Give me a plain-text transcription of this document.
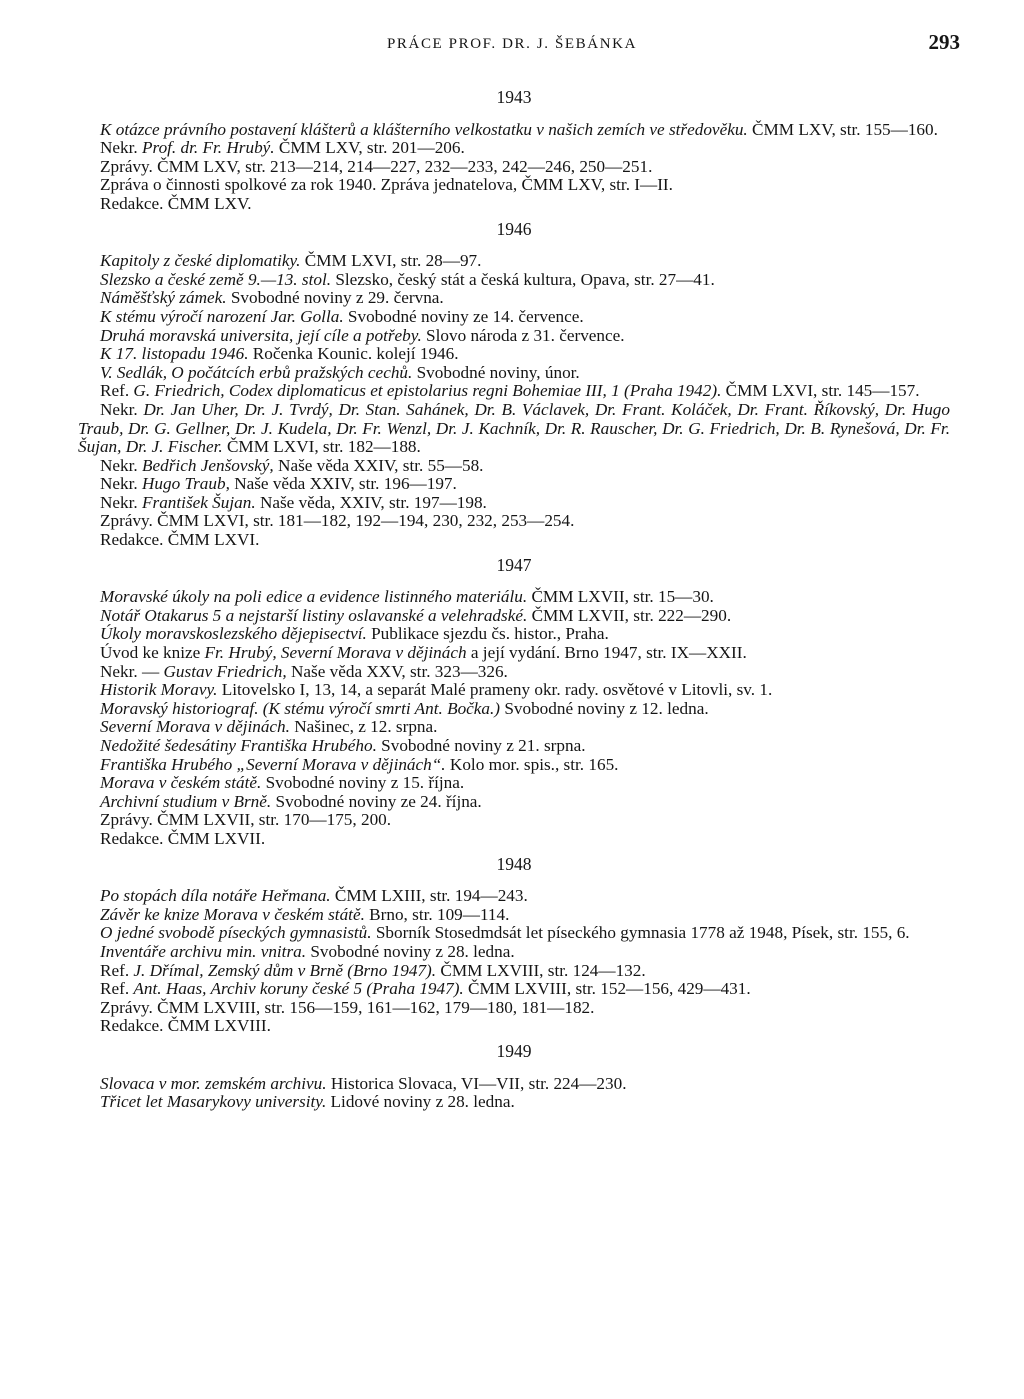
PRÁCE PROF. DR. J. ŠEBÁNKA	293
1943
K otázce právního postavení klášterů a klášterního velkostatku v našich zemích ve středověku. ČMM LXV, str. 155—160.
Nekr. Prof. dr. Fr. Hrubý. ČMM LXV, str. 201—206.
Zprávy. ČMM LXV, str. 213—214, 214—227, 232—233, 242—246, 250—251.
Zpráva o činnosti spolkové za rok 1940. Zpráva jednatelova, ČMM LXV, str. I—II.
Redakce. ČMM LXV.
1946
Kapitoly z české diplomatiky. ČMM LXVI, str. 28—97.
Slezsko a české země 9.—13. stol. Slezsko, český stát a česká kultura, Opava, str. 27—41.
Náměšťský zámek. Svobodné noviny z 29. června.
K stému výročí narození Jar. Golla. Svobodné noviny ze 14. července.
Druhá moravská universita, její cíle a potřeby. Slovo národa z 31. července.
K 17. listopadu 1946. Ročenka Kounic. kolejí 1946.
V. Sedlák, O počátcích erbů pražských cechů. Svobodné noviny, únor.
Ref. G. Friedrich, Codex diplomaticus et epistolarius regni Bohemiae III, 1 (Praha 1942). ČMM LXVI, str. 145—157.
Nekr. Dr. Jan Uher, Dr. J. Tvrdý, Dr. Stan. Sahánek, Dr. B. Václavek, Dr. Frant. Koláček, Dr. Frant. Říkovský, Dr. Hugo Traub, Dr. G. Gellner, Dr. J. Kudela, Dr. Fr. Wenzl, Dr. J. Kachník, Dr. R. Rauscher, Dr. G. Friedrich, Dr. B. Rynešová, Dr. Fr. Šujan, Dr. J. Fischer. ČMM LXVI, str. 182—188.
Nekr. Bedřich Jenšovský, Naše věda XXIV, str. 55—58.
Nekr. Hugo Traub, Naše věda XXIV, str. 196—197.
Nekr. František Šujan. Naše věda, XXIV, str. 197—198.
Zprávy. ČMM LXVI, str. 181—182, 192—194, 230, 232, 253—254.
Redakce. ČMM LXVI.
1947
Moravské úkoly na poli edice a evidence listinného materiálu. ČMM LXVII, str. 15—30.
Notář Otakarus 5 a nejstarší listiny oslavanské a velehradské. ČMM LXVII, str. 222—290.
Úkoly moravskoslezského dějepisectví. Publikace sjezdu čs. histor., Praha.
Úvod ke knize Fr. Hrubý, Severní Morava v dějinách a její vydání. Brno 1947, str. IX—XXII.
Nekr. — Gustav Friedrich, Naše věda XXV, str. 323—326.
Historik Moravy. Litovelsko I, 13, 14, a separát Malé prameny okr. rady. osvětové v Litovli, sv. 1.
Moravský historiograf. (K stému výročí smrti Ant. Bočka.) Svobodné noviny z 12. ledna.
Severní Morava v dějinách. Našinec, z 12. srpna.
Nedožité šedesátiny Františka Hrubého. Svobodné noviny z 21. srpna.
Františka Hrubého „Severní Morava v dějinách“. Kolo mor. spis., str. 165.
Morava v českém státě. Svobodné noviny z 15. října.
Archivní studium v Brně. Svobodné noviny ze 24. října.
Zprávy. ČMM LXVII, str. 170—175, 200.
Redakce. ČMM LXVII.
1948
Po stopách díla notáře Heřmana. ČMM LXIII, str. 194—243.
Závěr ke knize Morava v českém státě. Brno, str. 109—114.
O jedné svobodě píseckých gymnasistů. Sborník Stosedmdsát let píseckého gymnasia 1778 až 1948, Písek, str. 155, 6.
Inventáře archivu min. vnitra. Svobodné noviny z 28. ledna.
Ref. J. Dřímal, Zemský dům v Brně (Brno 1947). ČMM LXVIII, str. 124—132.
Ref. Ant. Haas, Archiv koruny české 5 (Praha 1947). ČMM LXVIII, str. 152—156, 429—431.
Zprávy. ČMM LXVIII, str. 156—159, 161—162, 179—180, 181—182.
Redakce. ČMM LXVIII.
1949
Slovaca v mor. zemském archivu. Historica Slovaca, VI—VII, str. 224—230.
Třicet let Masarykovy university. Lidové noviny z 28. ledna.
